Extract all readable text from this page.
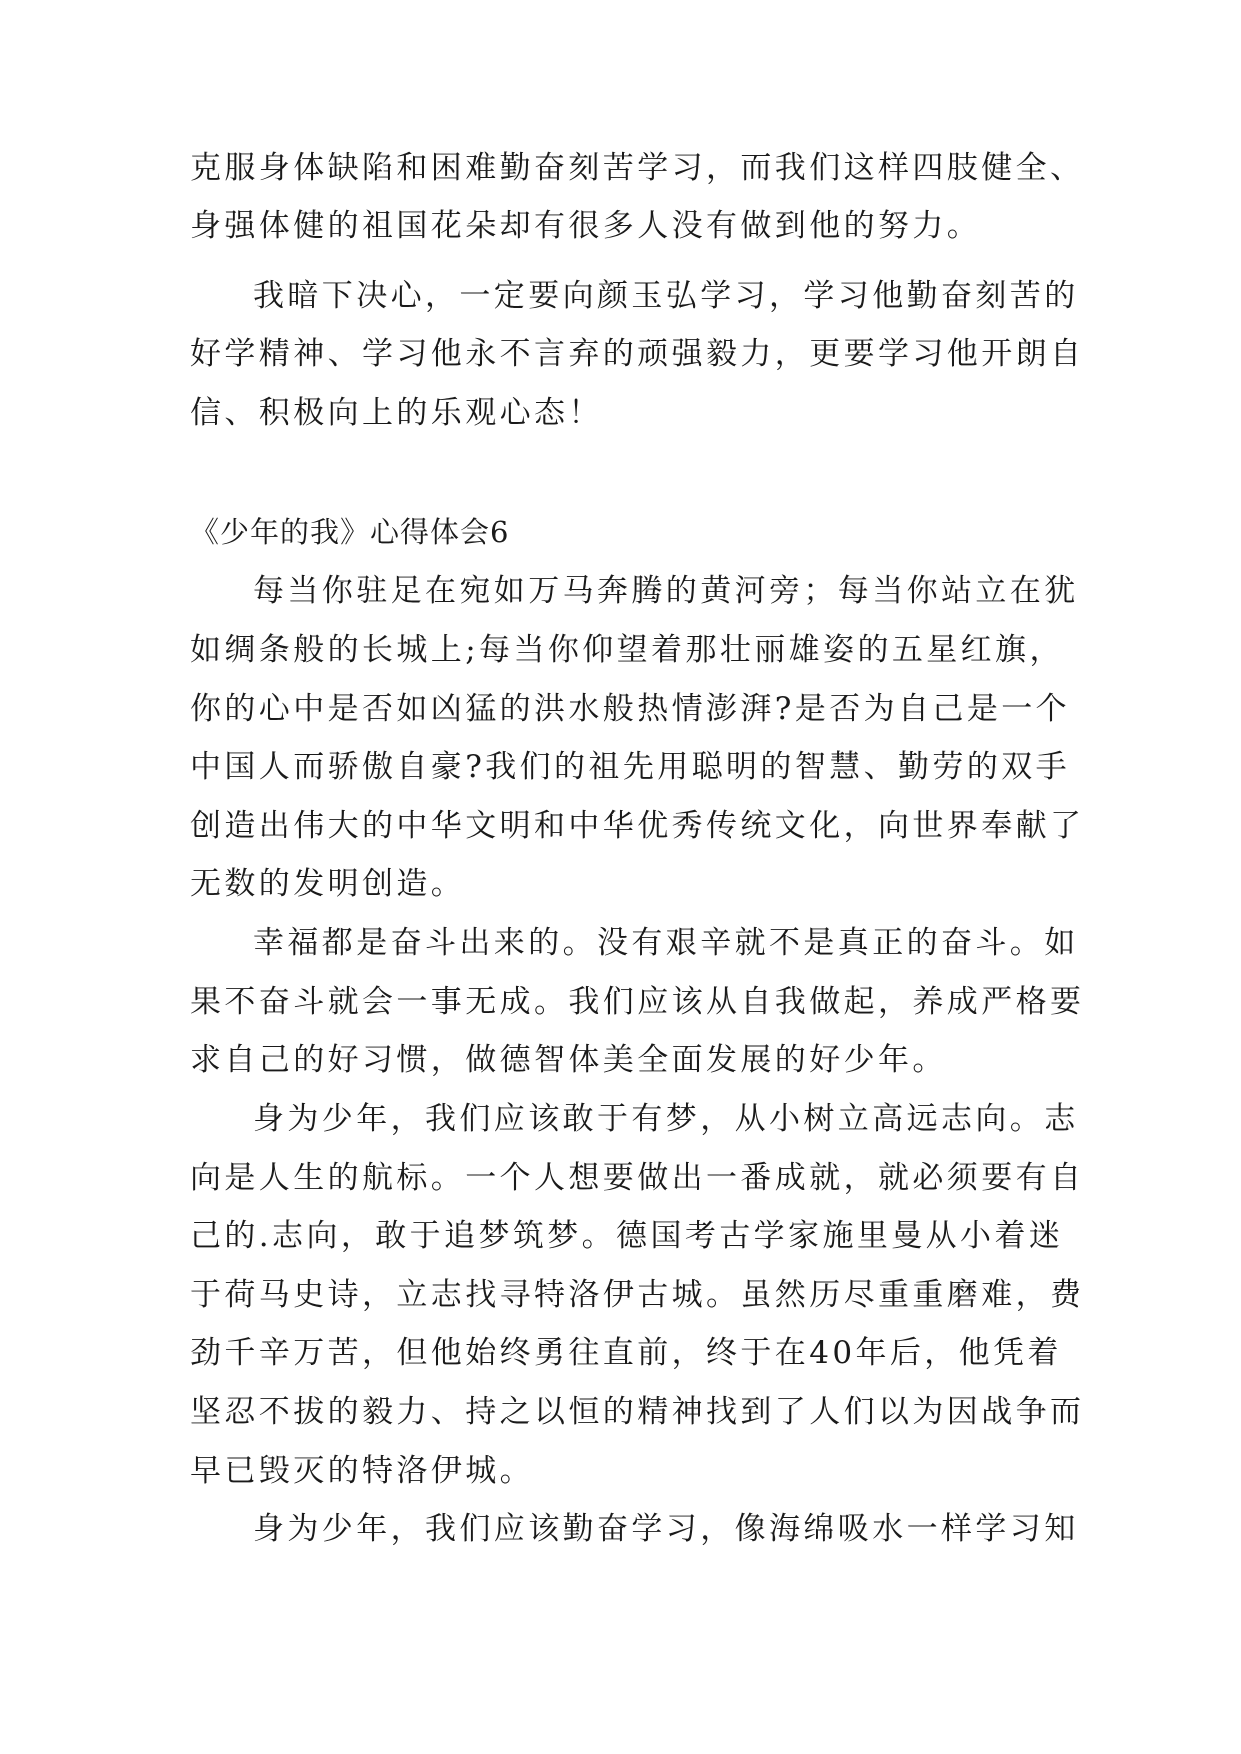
克服身体缺陷和困难勤奋刻苦学习，而我们这样四肢健全、

身强体健的祖国花朵却有很多人没有做到他的努力。

我暗下决心，一定要向颜玉弘学习，学习他勤奋刻苦的

好学精神、学习他永不言弃的顽强毅力，更要学习他开朗自

信、积极向上的乐观心态！

《少年的我》心得体会6

每当你驻足在宛如万马奔腾的黄河旁；每当你站立在犹

如绸条般的长城上;每当你仰望着那壮丽雄姿的五星红旗，

你的心中是否如凶猛的洪水般热情澎湃?是否为自己是一个

中国人而骄傲自豪?我们的祖先用聪明的智慧、勤劳的双手

创造出伟大的中华文明和中华优秀传统文化，向世界奉献了

无数的发明创造。

幸福都是奋斗出来的。没有艰辛就不是真正的奋斗。如

果不奋斗就会一事无成。我们应该从自我做起，养成严格要

求自己的好习惯，做德智体美全面发展的好少年。

身为少年，我们应该敢于有梦，从小树立高远志向。志

向是人生的航标。一个人想要做出一番成就，就必须要有自

己的.志向，敢于追梦筑梦。德国考古学家施里曼从小着迷

于荷马史诗，立志找寻特洛伊古城。虽然历尽重重磨难，费

劲千辛万苦，但他始终勇往直前，终于在40年后，他凭着

坚忍不拔的毅力、持之以恒的精神找到了人们以为因战争而

早已毁灭的特洛伊城。

身为少年，我们应该勤奋学习，像海绵吸水一样学习知
